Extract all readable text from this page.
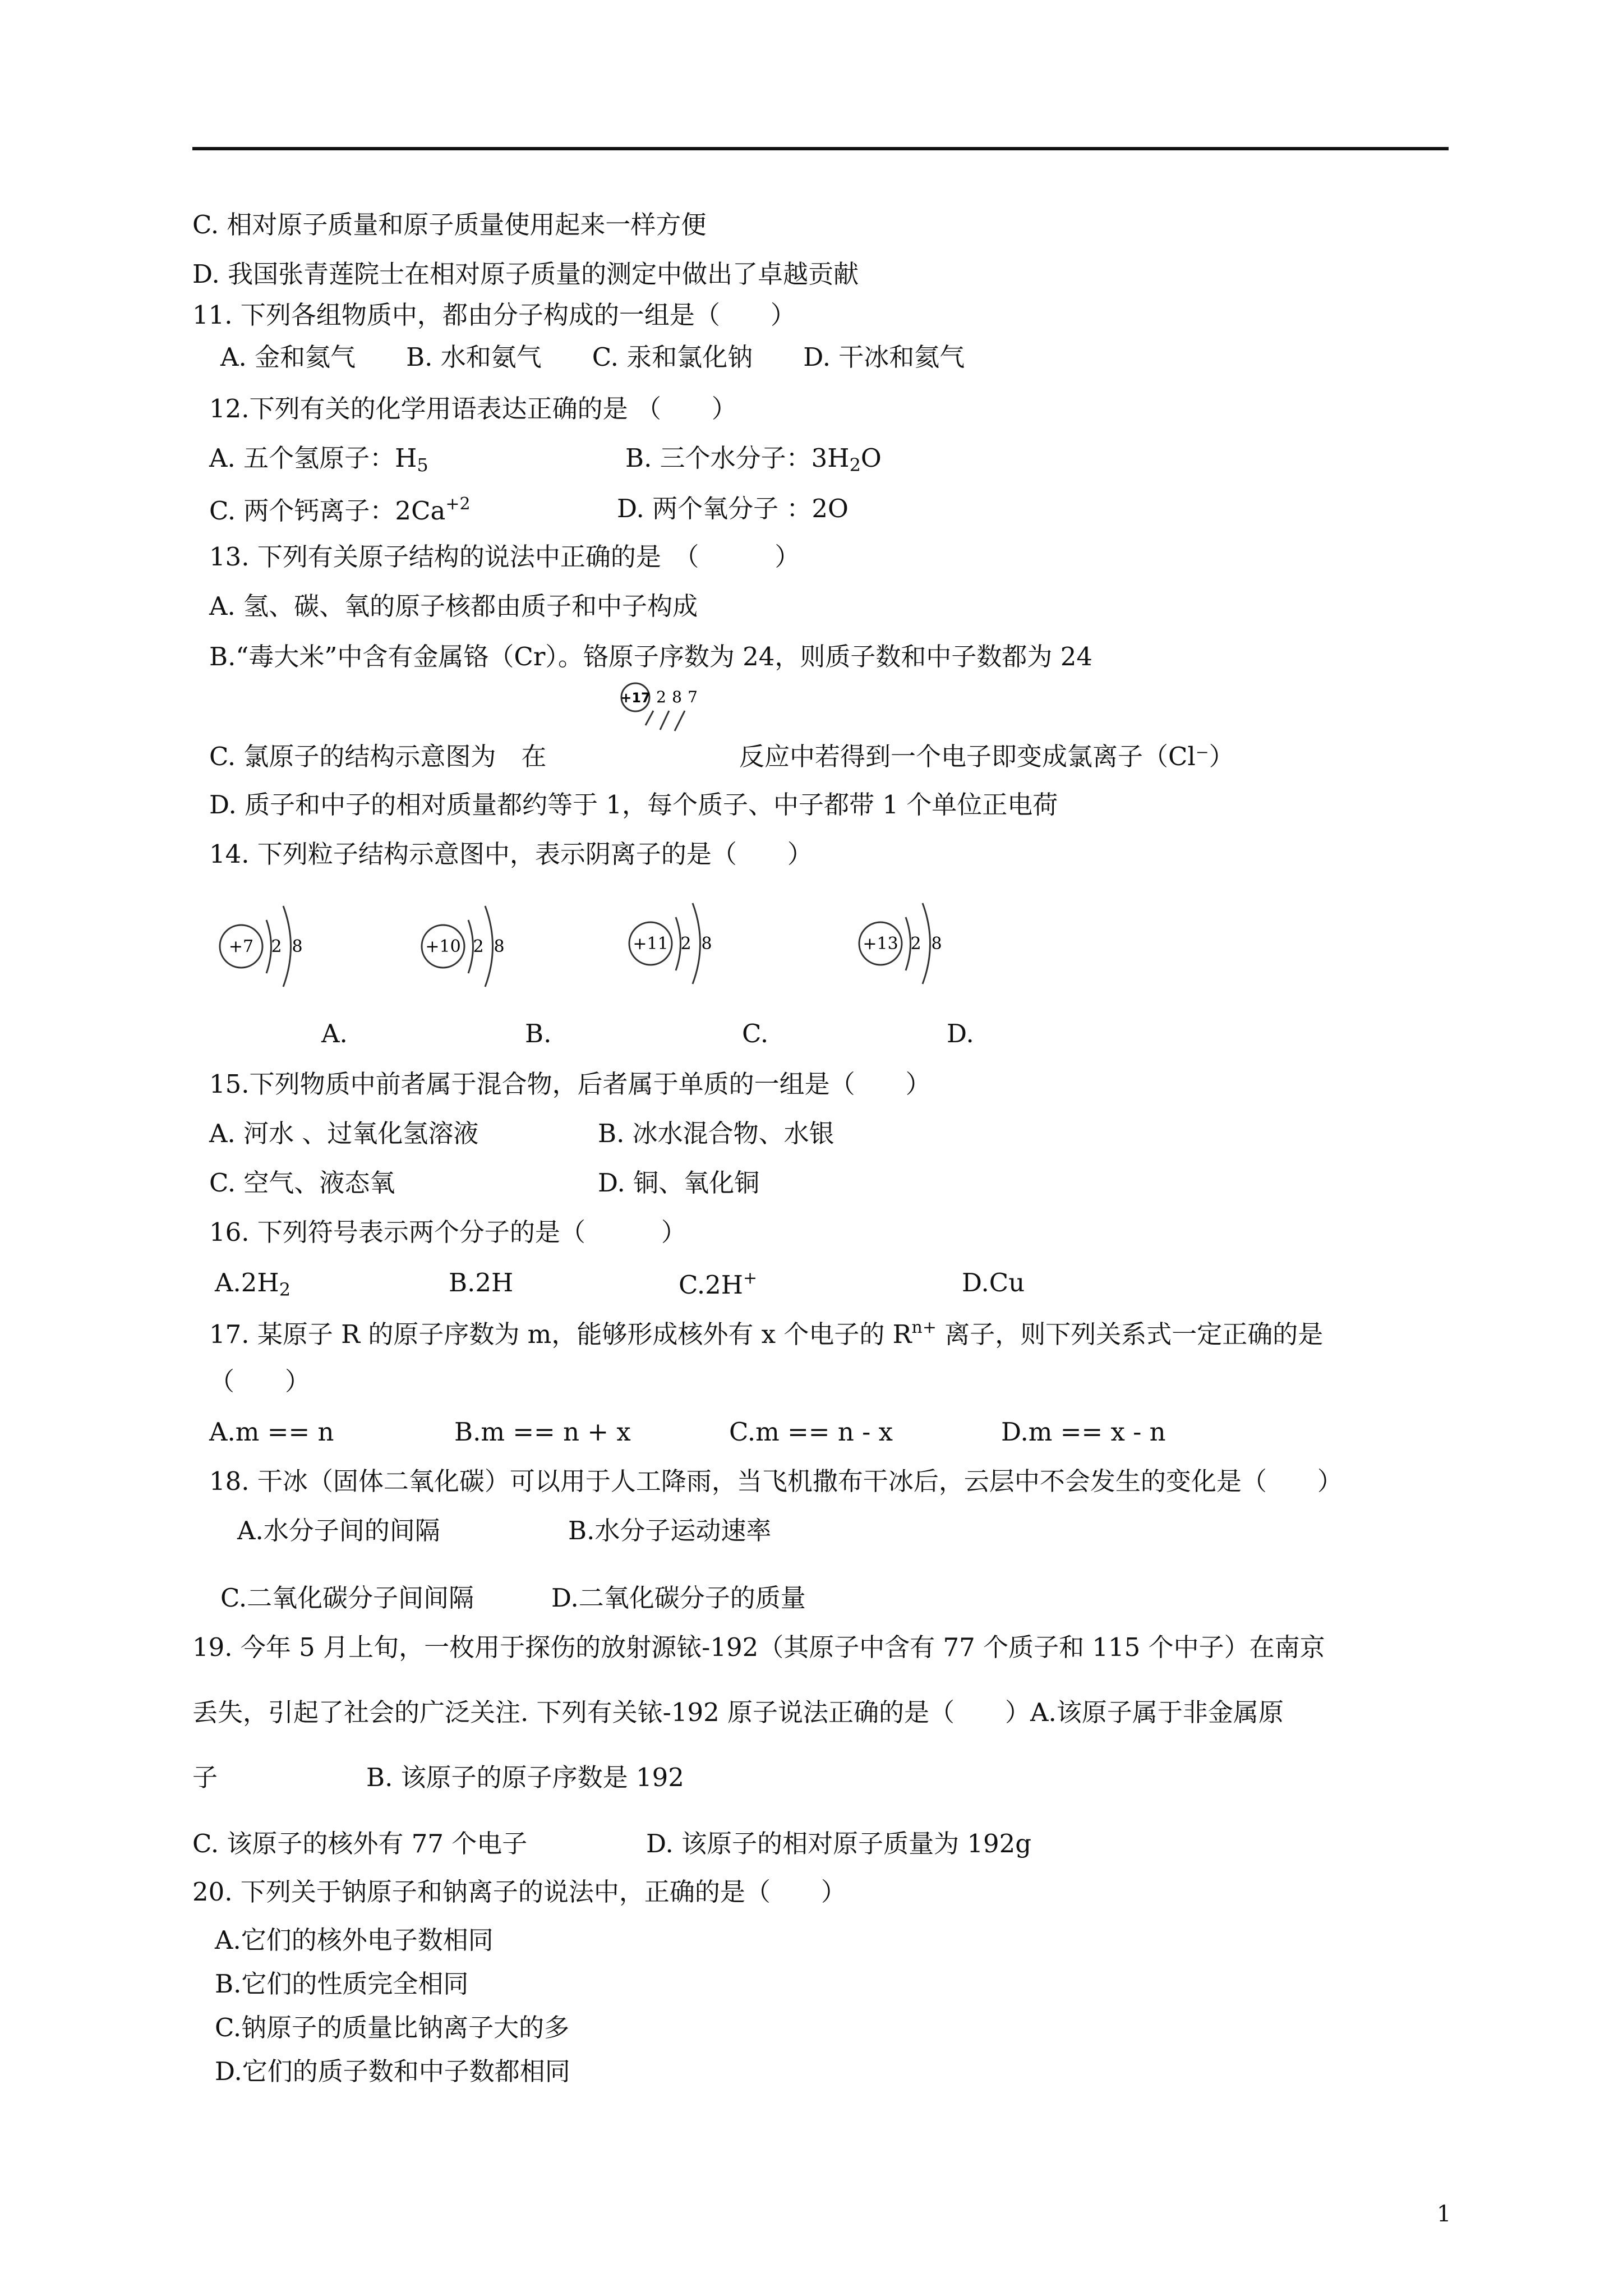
C. 相对原子质量和原子质量使用起来一样方便
D. 我国张青莲院士在相对原子质量的测定中做出了卓越贡献
11. 下列各组物质中，都由分子构成的一组是（　　）
A. 金和氦气　　B. 水和氨气　　C. 汞和氯化钠　　D. 干冰和氦气
12.下列有关的化学用语表达正确的是 （　　）
A. 五个氢原子：$H_5$	B. 三个水分子：$3H_2O$
C. 两个钙离子：$2Ca^{+2}$	D. 两个氧分子 ：2O
13. 下列有关原子结构的说法中正确的是　（　　　）
A. 氢、碳、氧的原子核都由质子和中子构成
B.“毒大米”中含有金属铬（Cr）。铬原子序数为 24，则质子数和中子数都为 24
C. 氯原子的结构示意图为　在
+17 2 8 7
反应中若得到一个电子即变成氯离子（Cl⁻）
D. 质子和中子的相对质量都约等于 1，每个质子、中子都带 1 个单位正电荷
14. 下列粒子结构示意图中，表示阴离子的是（　　）
+7 2 8	+10 2 8	+11 2 8	+13 2 8
A.	B.	C.	D.
15.下列物质中前者属于混合物，后者属于单质的一组是（　　）
A. 河水 、过氧化氢溶液	B. 冰水混合物、水银
C. 空气、液态氧	D. 铜、氧化铜
16. 下列符号表示两个分子的是（　　　）
$A.2H_2$	B.2H	C.2H+	D.Cu
17. 某原子 R 的原子序数为 m，能够形成核外有 x 个电子的 $R^{n+}$ 离子，则下列关系式一定正确的是
（　　）
A.m == n	B.m == n + x	C.m == n - x	D.m == x - n
18. 干冰（固体二氧化碳）可以用于人工降雨，当飞机撒布干冰后，云层中不会发生的变化是（　　）
A.水分子间的间隔	B.水分子运动速率
C.二氧化碳分子间间隔	D.二氧化碳分子的质量
19. 今年 5 月上旬，一枚用于探伤的放射源铱-192（其原子中含有 77 个质子和 115 个中子）在南京
丢失，引起了社会的广泛关注. 下列有关铱-192 原子说法正确的是（　　）A.该原子属于非金属原
子	B. 该原子的原子序数是 192
C. 该原子的核外有 77 个电子	D. 该原子的相对原子质量为 192g
20. 下列关于钠原子和钠离子的说法中，正确的是（　　）
A.它们的核外电子数相同
B.它们的性质完全相同
C.钠原子的质量比钠离子大的多
D.它们的质子数和中子数都相同
1
